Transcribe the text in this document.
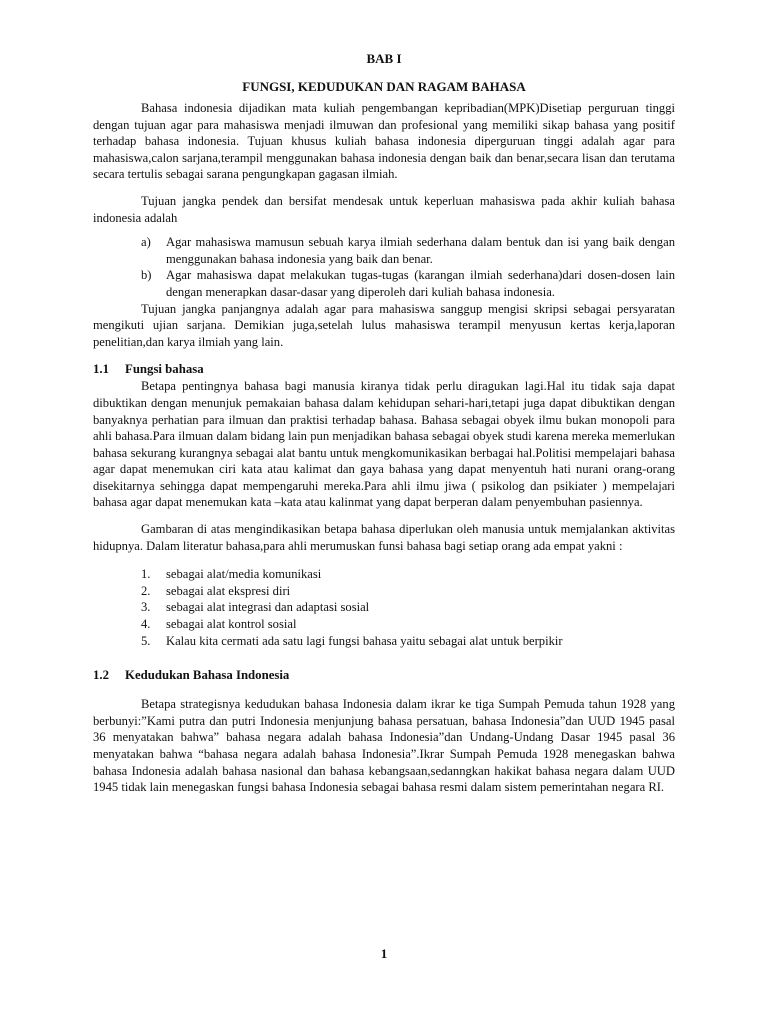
BAB I
FUNGSI, KEDUDUKAN DAN RAGAM BAHASA

Bahasa indonesia dijadikan mata kuliah pengembangan kepribadian(MPK)Disetiap perguruan tinggi dengan tujuan agar para mahasiswa menjadi ilmuwan dan profesional yang memiliki sikap bahasa yang positif terhadap bahasa indonesia. Tujuan khusus kuliah bahasa indonesia diperguruan tinggi adalah agar para mahasiswa,calon sarjana,terampil menggunakan bahasa indonesia dengan baik dan benar,secara lisan dan terutama secara tertulis sebagai sarana pengungkapan gagasan ilmiah.

Tujuan jangka pendek dan bersifat mendesak untuk keperluan mahasiswa pada akhir kuliah bahasa indonesia adalah

a) Agar mahasiswa mamusun sebuah karya ilmiah sederhana dalam bentuk dan isi yang baik dengan menggunakan bahasa indonesia yang baik dan benar.
b) Agar mahasiswa dapat melakukan tugas-tugas (karangan ilmiah sederhana)dari dosen-dosen lain dengan menerapkan dasar-dasar yang diperoleh dari kuliah bahasa indonesia.

Tujuan jangka panjangnya adalah agar para mahasiswa sanggup mengisi skripsi sebagai persyaratan mengikuti ujian sarjana. Demikian juga,setelah lulus mahasiswa terampil menyusun kertas kerja,laporan penelitian,dan karya ilmiah yang lain.

1.1 Fungsi bahasa

Betapa pentingnya bahasa bagi manusia kiranya tidak perlu diragukan lagi.Hal itu tidak saja dapat dibuktikan dengan menunjuk pemakaian bahasa dalam kehidupan sehari-hari,tetapi juga dapat dibuktikan dengan banyaknya perhatian para ilmuan dan praktisi terhadap bahasa. Bahasa sebagai obyek ilmu bukan monopoli para ahli bahasa.Para ilmuan dalam bidang lain pun menjadikan bahasa sebagai obyek studi karena mereka memerlukan bahasa sekurang kurangnya sebagai alat bantu untuk mengkomunikasikan berbagai hal.Politisi mempelajari bahasa agar dapat menemukan ciri kata atau kalimat dan gaya bahasa yang dapat menyentuh hati nurani orang-orang disekitarnya sehingga dapat mempengaruhi mereka.Para ahli ilmu jiwa ( psikolog dan psikiater ) mempelajari bahasa agar dapat menemukan kata –kata atau kalinmat yang dapat berperan dalam penyembuhan pasiennya.

Gambaran di atas mengindikasikan betapa bahasa diperlukan oleh manusia untuk memjalankan aktivitas hidupnya. Dalam literatur bahasa,para ahli merumuskan funsi bahasa bagi setiap orang ada empat yakni :

1. sebagai alat/media komunikasi
2. sebagai alat ekspresi diri
3. sebagai alat integrasi dan adaptasi sosial
4. sebagai alat kontrol sosial
5. Kalau kita cermati ada satu lagi fungsi bahasa yaitu sebagai alat untuk berpikir
1.2 Kedudukan Bahasa Indonesia

Betapa strategisnya kedudukan bahasa Indonesia dalam ikrar ke tiga Sumpah Pemuda tahun 1928 yang berbunyi:”Kami putra dan putri Indonesia menjunjung bahasa persatuan, bahasa Indonesia”dan UUD 1945 pasal 36 menyatakan bahwa” bahasa negara adalah bahasa Indonesia”dan Undang-Undang Dasar 1945 pasal 36 menyatakan bahwa “bahasa negara adalah bahasa Indonesia”.Ikrar Sumpah Pemuda 1928 menegaskan bahwa bahasa Indonesia adalah bahasa nasional dan bahasa kebangsaan,sedanngkan hakikat bahasa negara dalam UUD 1945 tidak lain menegaskan fungsi bahasa Indonesia sebagai bahasa resmi dalam sistem pemerintahan negara RI.

1
